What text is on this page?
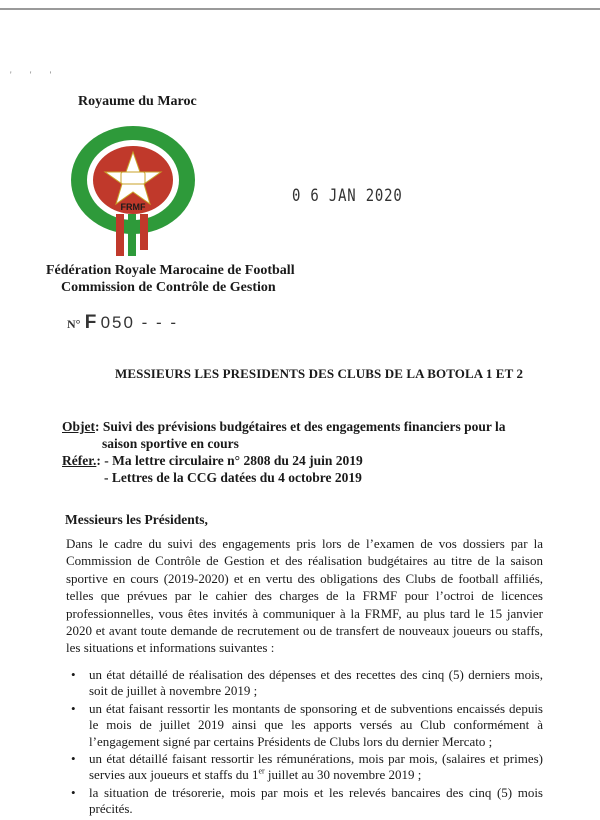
' ' '
Royaume du Maroc
FRMF
0 6 JAN 2020
Fédération Royale Marocaine de Football
Commission de Contrôle de Gestion
N° F 050 - - -
MESSIEURS LES PRESIDENTS DES CLUBS DE LA BOTOLA 1 ET 2
Objet: Suivi des prévisions budgétaires et des engagements financiers pour la
saison sportive en cours
Réfer.: - Ma lettre circulaire n° 2808 du 24 juin 2019
- Lettres de la CCG datées du 4 octobre 2019
Messieurs les Présidents,
Dans le cadre du suivi des engagements pris lors de l’examen de vos dossiers par la Commission de Contrôle de Gestion et des réalisation budgétaires au titre de la saison sportive en cours (2019-2020) et en vertu des obligations des Clubs de football affiliés, telles que prévues par le cahier des charges de la FRMF pour l’octroi de licences professionnelles, vous êtes invités à communiquer à la FRMF, au plus tard le 15 janvier 2020 et avant toute demande de recrutement ou de transfert de nouveaux joueurs ou staffs, les situations et informations suivantes :
• un état détaillé de réalisation des dépenses et des recettes des cinq (5) derniers mois, soit de juillet à novembre 2019 ;
• un état faisant ressortir les montants de sponsoring et de subventions encaissés depuis le mois de juillet 2019 ainsi que les apports versés au Club conformément à l’engagement signé par certains Présidents de Clubs lors du dernier Mercato ;
• un état détaillé faisant ressortir les rémunérations, mois par mois, (salaires et primes) servies aux joueurs et staffs du 1er juillet au 30 novembre 2019 ;
• la situation de trésorerie, mois par mois et les relevés bancaires des cinq (5) mois précités.
